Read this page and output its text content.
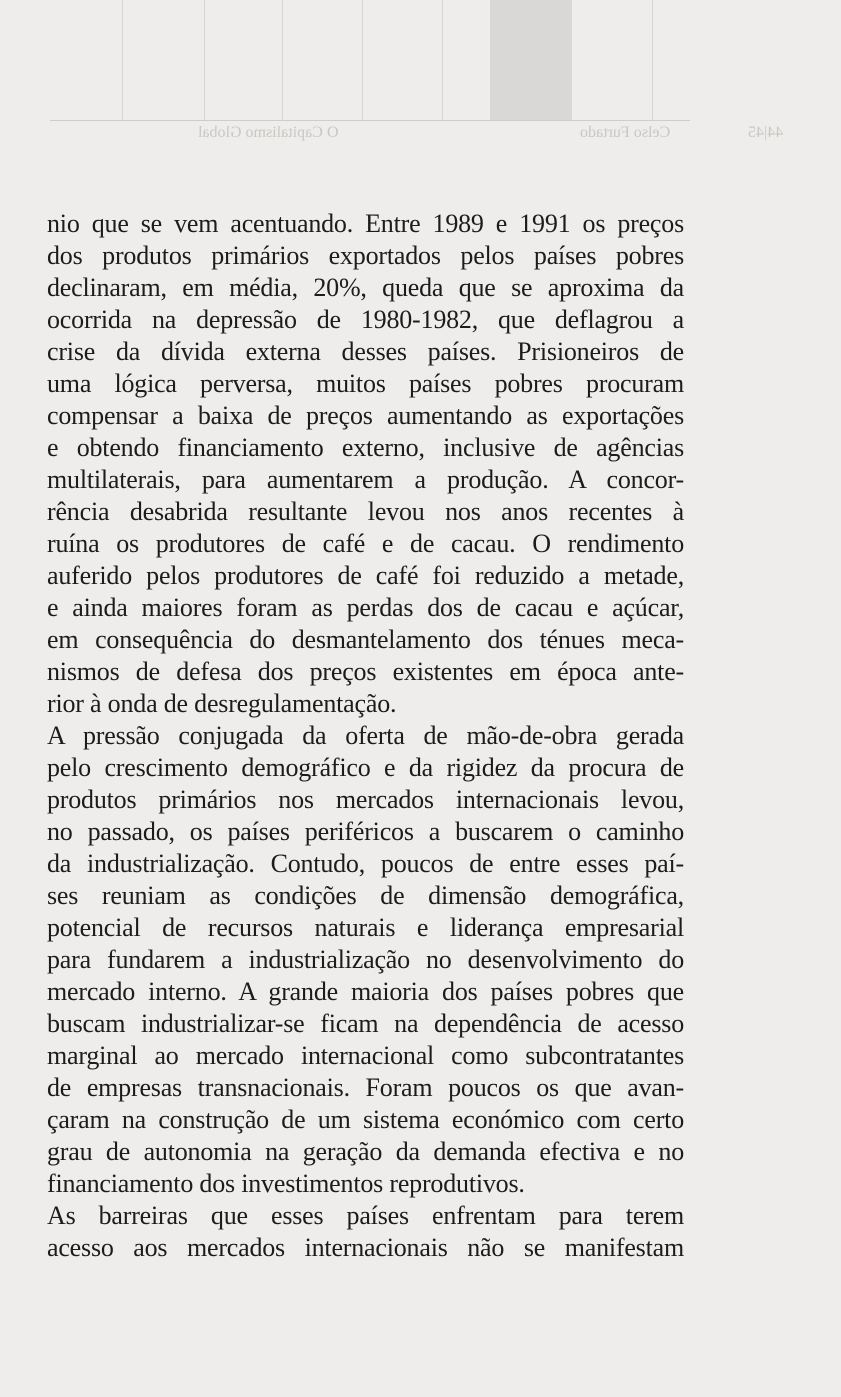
O Capitalismo Global	Celso Furtado	44|45
nio que se vem acentuando. Entre 1989 e 1991 os preços
dos produtos primários exportados pelos países pobres
declinaram, em média, 20%, queda que se aproxima da
ocorrida na depressão de 1980-1982, que deflagrou a
crise da dívida externa desses países. Prisioneiros de
uma lógica perversa, muitos países pobres procuram
compensar a baixa de preços aumentando as exportações
e obtendo financiamento externo, inclusive de agências
multilaterais, para aumentarem a produção. A concor-
rência desabrida resultante levou nos anos recentes à
ruína os produtores de café e de cacau. O rendimento
auferido pelos produtores de café foi reduzido a metade,
e ainda maiores foram as perdas dos de cacau e açúcar,
em consequência do desmantelamento dos ténues meca-
nismos de defesa dos preços existentes em época ante-
rior à onda de desregulamentação.
A pressão conjugada da oferta de mão-de-obra gerada
pelo crescimento demográfico e da rigidez da procura de
produtos primários nos mercados internacionais levou,
no passado, os países periféricos a buscarem o caminho
da industrialização. Contudo, poucos de entre esses paí-
ses reuniam as condições de dimensão demográfica,
potencial de recursos naturais e liderança empresarial
para fundarem a industrialização no desenvolvimento do
mercado interno. A grande maioria dos países pobres que
buscam industrializar-se ficam na dependência de acesso
marginal ao mercado internacional como subcontratantes
de empresas transnacionais. Foram poucos os que avan-
çaram na construção de um sistema económico com certo
grau de autonomia na geração da demanda efectiva e no
financiamento dos investimentos reprodutivos.
As barreiras que esses países enfrentam para terem
acesso aos mercados internacionais não se manifestam
